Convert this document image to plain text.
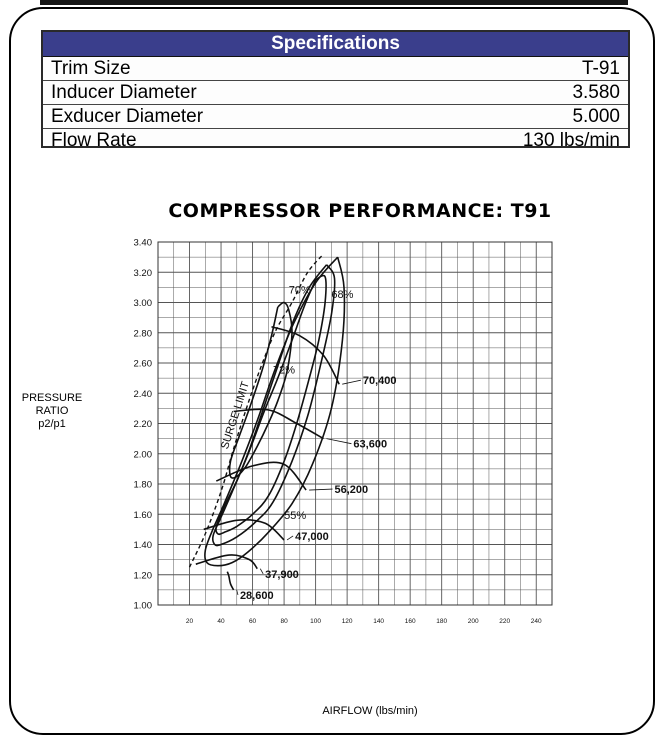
Specifications
Trim Size	T-91
Inducer Diameter	3.580
Exducer Diameter	5.000
Flow Rate	130 lbs/min
COMPRESSOR PERFORMANCE: T91
PRESSURE
RATIO
p2/p1
AIRFLOW (lbs/min)
1.00
1.20
1.40
1.60
1.80
2.00
2.20
2.40
2.60
2.80
3.00
3.20
3.40
20	40	60	80	100	120	140	160	180	200	220	240
72%
70% 68%
55%
28,600
37,900
47,000
56,200
63,600
70,400
SURGE LIMIT
